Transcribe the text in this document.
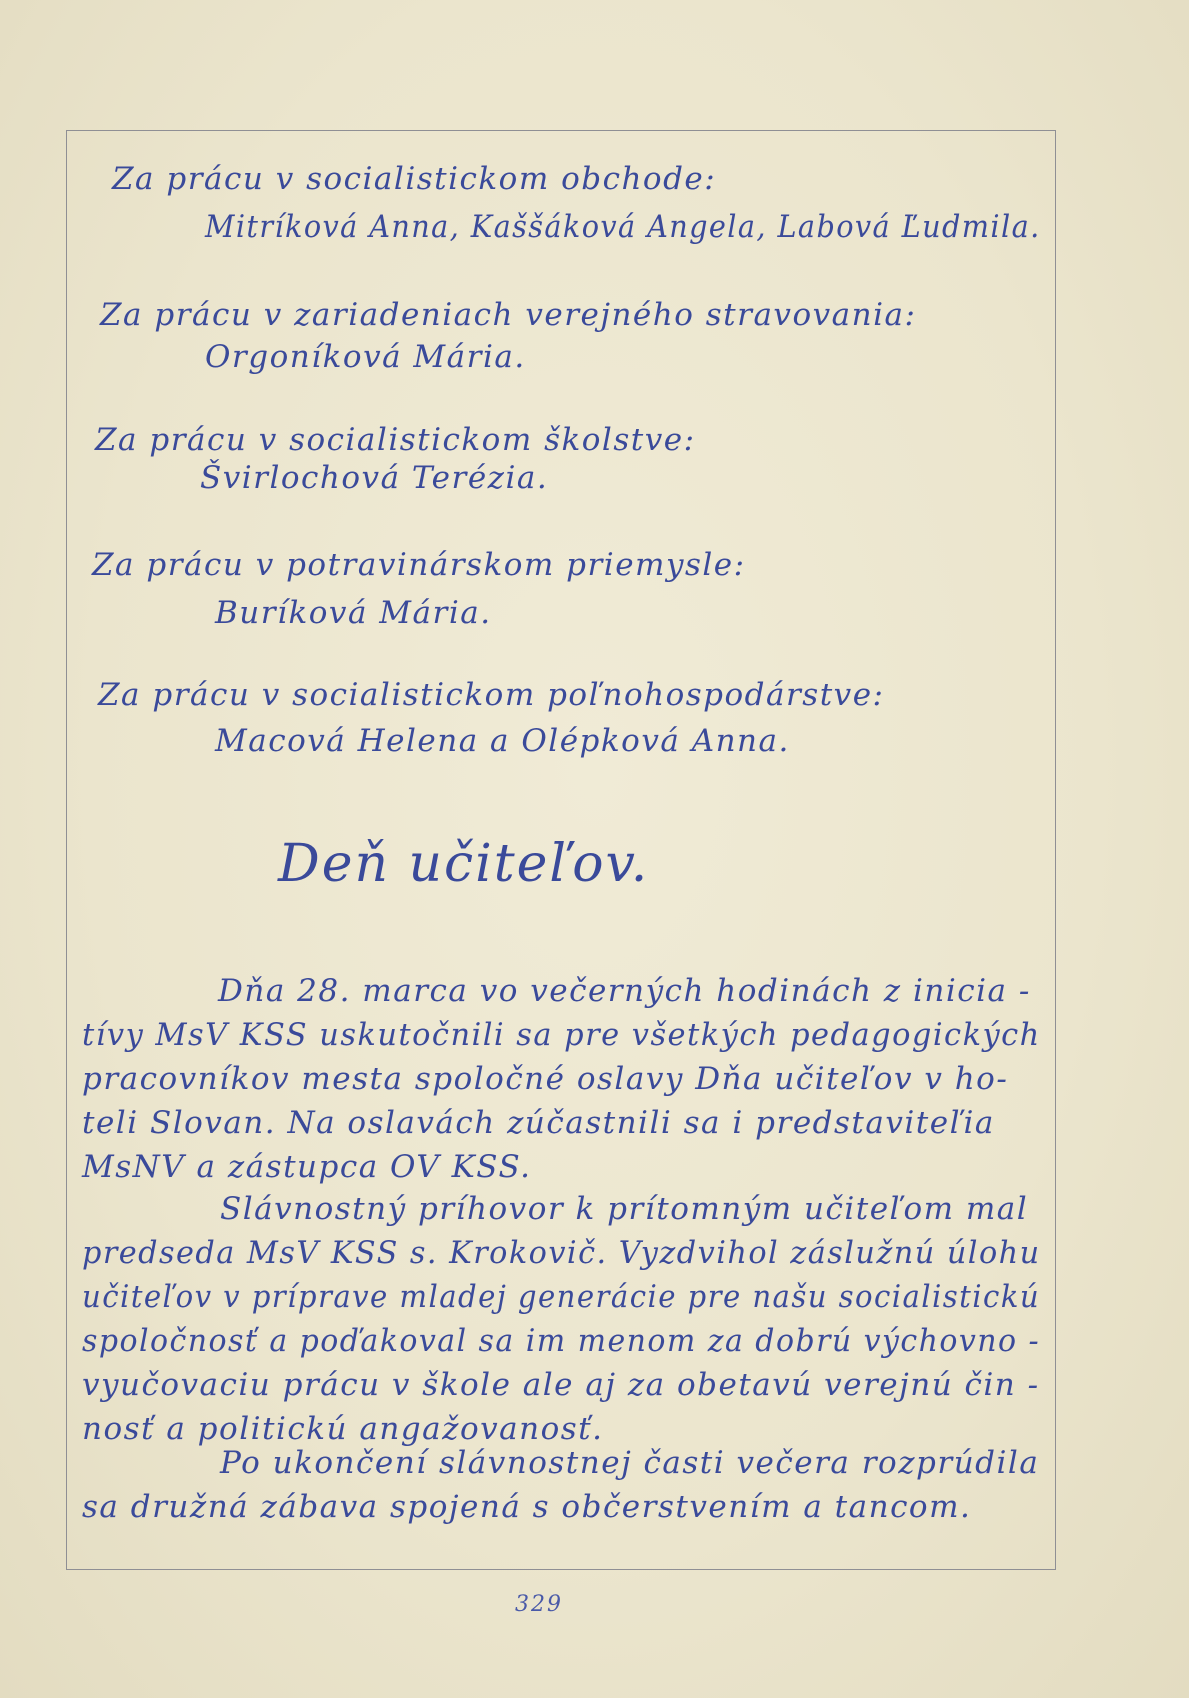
Za prácu v socialistickom obchode:
Mitríková Anna, Kaššáková Angela, Labová Ľudmila.
Za prácu v zariadeniach verejného stravovania:
Orgoníková Mária.
Za prácu v socialistickom školstve:
Švirlochová Terézia.
Za prácu v potravinárskom priemysle:
Buríková Mária.
Za prácu v socialistickom poľnohospodárstve:
Macová Helena a Olépková Anna.
Deň učiteľov.
Dňa 28. marca vo večerných hodinách z inicia -
tívy MsV KSS uskutočnili sa pre všetkých pedagogických
pracovníkov mesta spoločné oslavy Dňa učiteľov v ho-
teli Slovan. Na oslavách zúčastnili sa i predstaviteľia
MsNV a zástupca OV KSS.
Slávnostný príhovor k prítomným učiteľom mal
predseda MsV KSS s. Krokovič. Vyzdvihol záslužnú úlohu
učiteľov v príprave mladej generácie pre našu socialistickú
spoločnosť a poďakoval sa im menom za dobrú výchovno -
vyučovaciu prácu v škole ale aj za obetavú verejnú čin -
nosť a politickú angažovanosť.
Po ukončení slávnostnej časti večera rozprúdila
sa družná zábava spojená s občerstvením a tancom.
329
